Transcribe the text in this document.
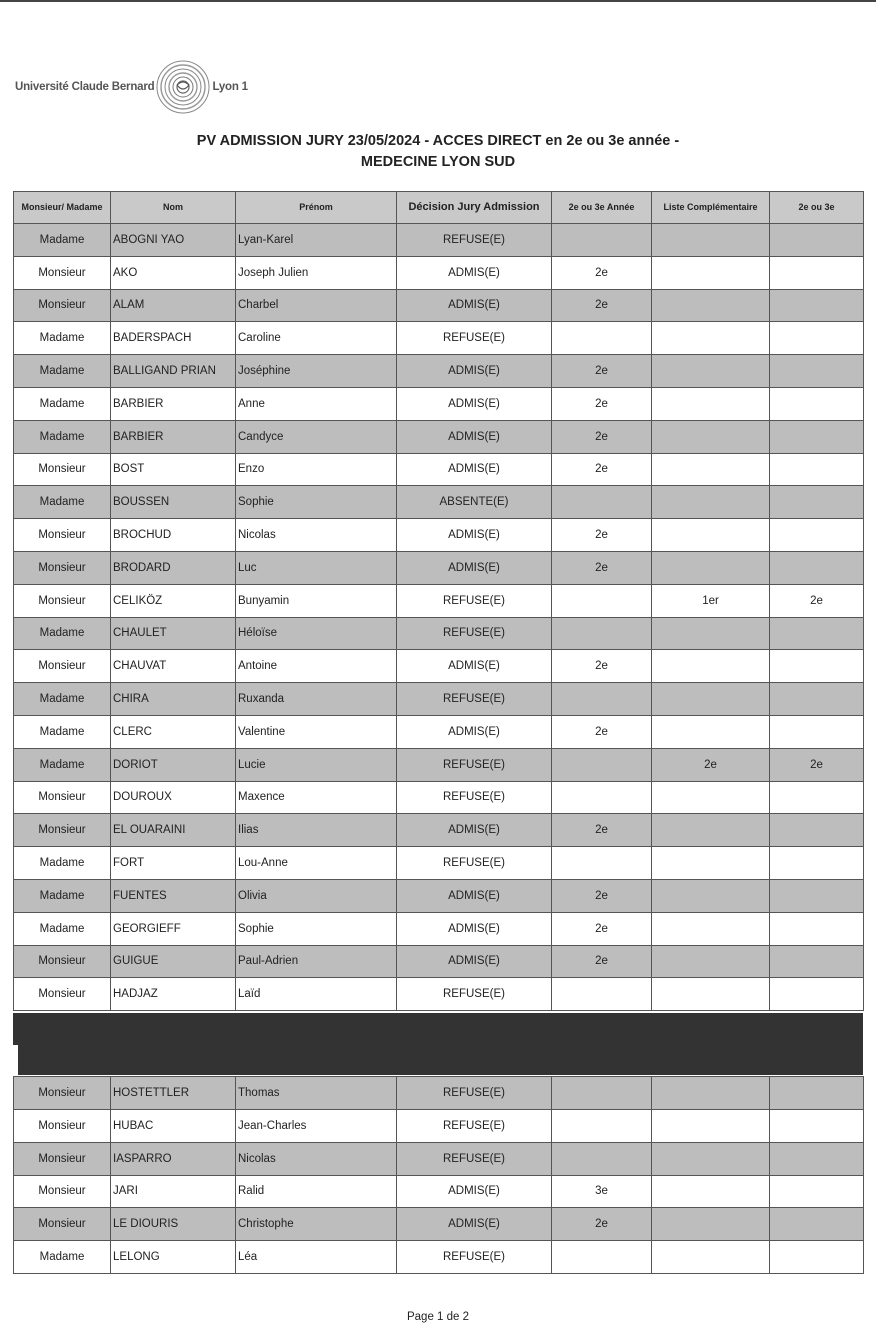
Université Claude Bernard	Lyon 1
PV ADMISSION JURY 23/05/2024 - ACCES DIRECT en 2e ou 3e année -
MEDECINE LYON SUD
Monsieur/ Madame	Nom	Prénom	Décision Jury Admission	2e ou 3e Année	Liste Complémentaire	2e ou 3e
Madame	ABOGNI YAO	Lyan-Karel	REFUSE(E)			
Monsieur	AKO	Joseph Julien	ADMIS(E)	2e		
Monsieur	ALAM	Charbel	ADMIS(E)	2e		
Madame	BADERSPACH	Caroline	REFUSE(E)			
Madame	BALLIGAND PRIAN	Joséphine	ADMIS(E)	2e		
Madame	BARBIER	Anne	ADMIS(E)	2e		
Madame	BARBIER	Candyce	ADMIS(E)	2e		
Monsieur	BOST	Enzo	ADMIS(E)	2e		
Madame	BOUSSEN	Sophie	ABSENTE(E)			
Monsieur	BROCHUD	Nicolas	ADMIS(E)	2e		
Monsieur	BRODARD	Luc	ADMIS(E)	2e		
Monsieur	CELIKÖZ	Bunyamin	REFUSE(E)		1er	2e
Madame	CHAULET	Héloïse	REFUSE(E)			
Monsieur	CHAUVAT	Antoine	ADMIS(E)	2e		
Madame	CHIRA	Ruxanda	REFUSE(E)			
Madame	CLERC	Valentine	ADMIS(E)	2e		
Madame	DORIOT	Lucie	REFUSE(E)		2e	2e
Monsieur	DOUROUX	Maxence	REFUSE(E)			
Monsieur	EL OUARAINI	Ilias	ADMIS(E)	2e		
Madame	FORT	Lou-Anne	REFUSE(E)			
Madame	FUENTES	Olivia	ADMIS(E)	2e		
Madame	GEORGIEFF	Sophie	ADMIS(E)	2e		
Monsieur	GUIGUE	Paul-Adrien	ADMIS(E)	2e		
Monsieur	HADJAZ	Laïd	REFUSE(E)			

Monsieur	HOSTETTLER	Thomas	REFUSE(E)			
Monsieur	HUBAC	Jean-Charles	REFUSE(E)			
Monsieur	IASPARRO	Nicolas	REFUSE(E)			
Monsieur	JARI	Ralid	ADMIS(E)	3e		
Monsieur	LE DIOURIS	Christophe	ADMIS(E)	2e		
Madame	LELONG	Léa	REFUSE(E)			
Page 1 de 2
